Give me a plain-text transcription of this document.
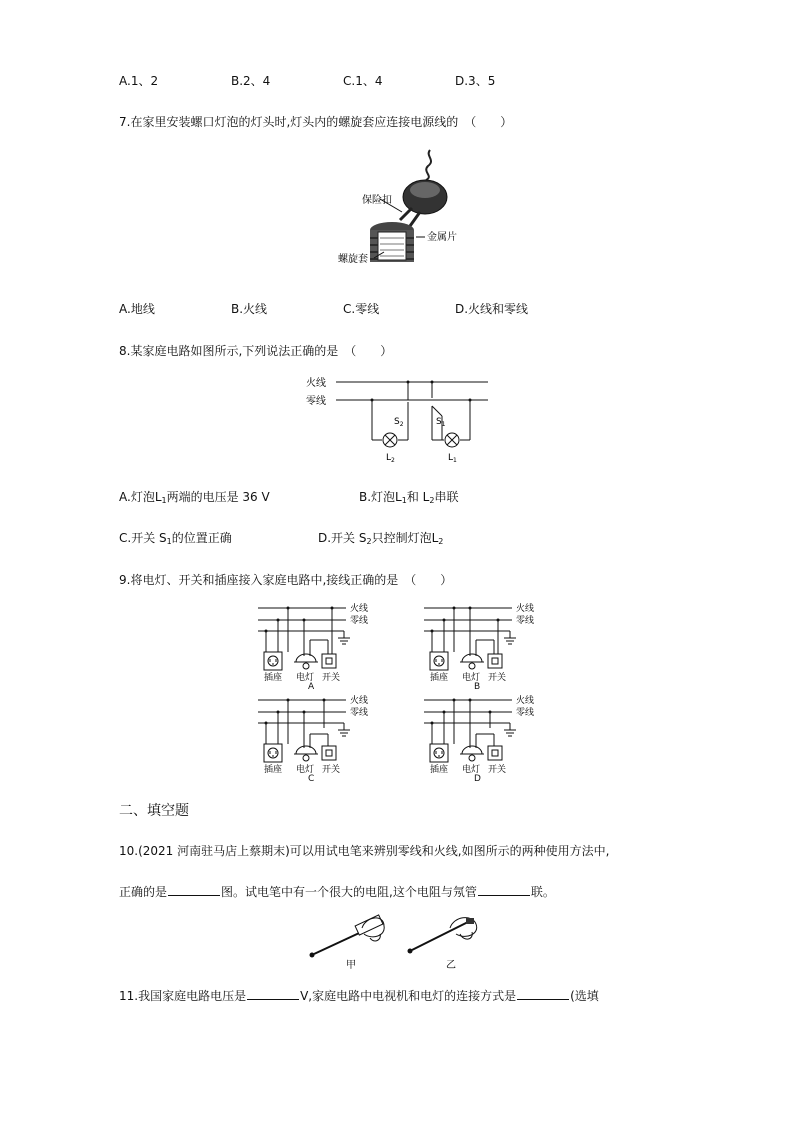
A.1、2	B.2、4	C.1、4	D.3、5
7.在家里安装螺口灯泡的灯头时,灯头内的螺旋套应连接电源线的　（　　）
保险扣
金属片
螺旋套
A.地线	B.火线	C.零线	D.火线和零线
8.某家庭电路如图所示,下列说法正确的是　（　　）
火线
零线
$S_2$
$L_2$
$S_1$
$L_1$
A.灯泡$L_1$两端的电压是 36 V	B.灯泡$L_1$和 $L_2$串联
C.开关 $S_1$的位置正确	D.开关 $S_2$只控制灯泡$L_2$
9.将电灯、开关和插座接入家庭电路中,接线正确的是　（　　）
火线
零线
插座 电灯 开关
A
火线
零线
插座 电灯 开关
B
火线
零线
插座 电灯 开关
C
火线
零线
插座 电灯 开关
D
二、填空题
10.(2021 河南驻马店上蔡期末)可以用试电笔来辨别零线和火线,如图所示的两种使用方法中,
正确的是	图。试电笔中有一个很大的电阻,这个电阻与氖管	联。
甲	乙
11.我国家庭电路电压是	V,家庭电路中电视机和电灯的连接方式是	(选填
